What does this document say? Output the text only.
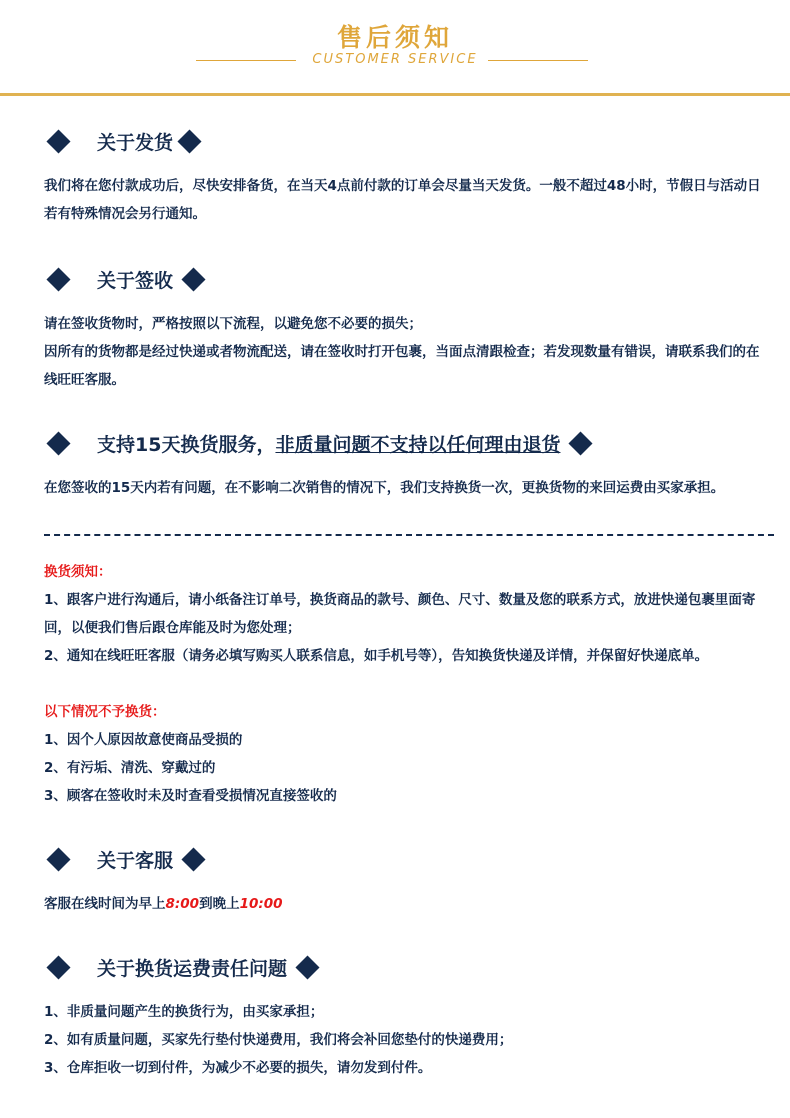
售后须知
CUSTOMER SERVICE
关于发货
我们将在您付款成功后，尽快安排备货，在当天4点前付款的订单会尽量当天发货。一般不超过48小时，节假日与活动日若有特殊情况会另行通知。
关于签收
请在签收货物时，严格按照以下流程，以避免您不必要的损失；
因所有的货物都是经过快递或者物流配送，请在签收时打开包裹，当面点清跟检查；若发现数量有错误，请联系我们的在线旺旺客服。
支持15天换货服务，非质量问题不支持以任何理由退货
在您签收的15天内若有问题，在不影响二次销售的情况下，我们支持换货一次，更换货物的来回运费由买家承担。
换货须知：
1、跟客户进行沟通后，请小纸备注订单号，换货商品的款号、颜色、尺寸、数量及您的联系方式，放进快递包裹里面寄回，以便我们售后跟仓库能及时为您处理；
2、通知在线旺旺客服（请务必填写购买人联系信息，如手机号等），告知换货快递及详情，并保留好快递底单。
以下情况不予换货：
1、因个人原因故意使商品受损的
2、有污垢、清洗、穿戴过的
3、顾客在签收时未及时查看受损情况直接签收的
关于客服
客服在线时间为早上8:00到晚上10:00
关于换货运费责任问题
1、非质量问题产生的换货行为，由买家承担；
2、如有质量问题，买家先行垫付快递费用，我们将会补回您垫付的快递费用；
3、仓库拒收一切到付件，为减少不必要的损失，请勿发到付件。
